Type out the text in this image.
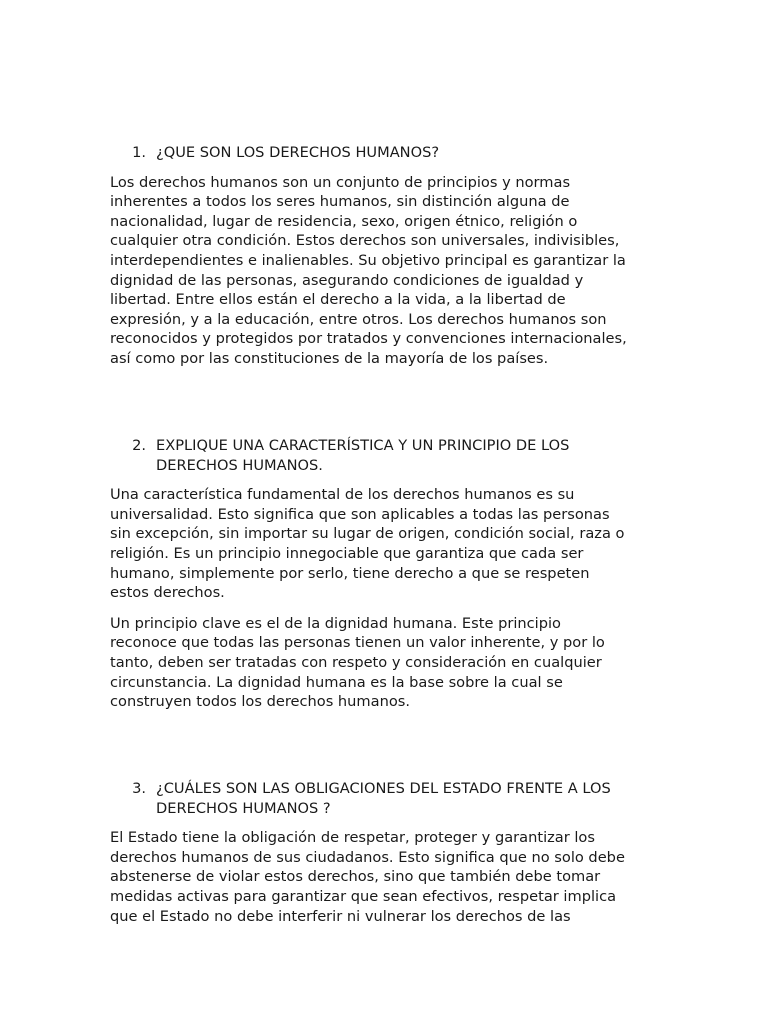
1. ¿QUE SON LOS DERECHOS HUMANOS?
Los derechos humanos son un conjunto de principios y normas
inherentes a todos los seres humanos, sin distinción alguna de
nacionalidad, lugar de residencia, sexo, origen étnico, religión o
cualquier otra condición. Estos derechos son universales, indivisibles,
interdependientes e inalienables. Su objetivo principal es garantizar la
dignidad de las personas, asegurando condiciones de igualdad y
libertad. Entre ellos están el derecho a la vida, a la libertad de
expresión, y a la educación, entre otros. Los derechos humanos son
reconocidos y protegidos por tratados y convenciones internacionales,
así como por las constituciones de la mayoría de los países.
2. EXPLIQUE UNA CARACTERÍSTICA Y UN PRINCIPIO DE LOS
DERECHOS HUMANOS.
Una característica fundamental de los derechos humanos es su
universalidad. Esto significa que son aplicables a todas las personas
sin excepción, sin importar su lugar de origen, condición social, raza o
religión. Es un principio innegociable que garantiza que cada ser
humano, simplemente por serlo, tiene derecho a que se respeten
estos derechos.
Un principio clave es el de la dignidad humana. Este principio
reconoce que todas las personas tienen un valor inherente, y por lo
tanto, deben ser tratadas con respeto y consideración en cualquier
circunstancia. La dignidad humana es la base sobre la cual se
construyen todos los derechos humanos.
3. ¿CUÁLES SON LAS OBLIGACIONES DEL ESTADO FRENTE A LOS
DERECHOS HUMANOS ?
El Estado tiene la obligación de respetar, proteger y garantizar los
derechos humanos de sus ciudadanos. Esto significa que no solo debe
abstenerse de violar estos derechos, sino que también debe tomar
medidas activas para garantizar que sean efectivos, respetar implica
que el Estado no debe interferir ni vulnerar los derechos de las
